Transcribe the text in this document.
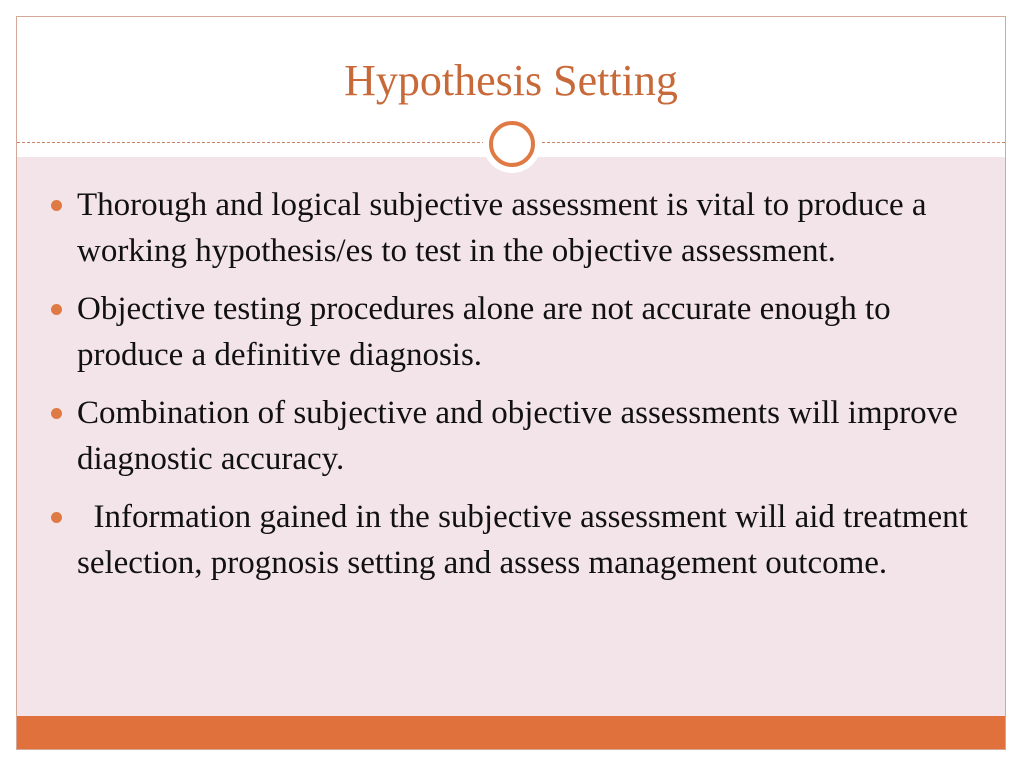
Hypothesis Setting
Thorough and logical subjective assessment is vital to produce a working hypothesis/es to test in the objective assessment.
Objective testing procedures alone are not accurate enough to produce a definitive diagnosis.
Combination of subjective and objective assessments will improve diagnostic accuracy.
Information gained in the subjective assessment will aid treatment selection, prognosis setting and assess management outcome.
